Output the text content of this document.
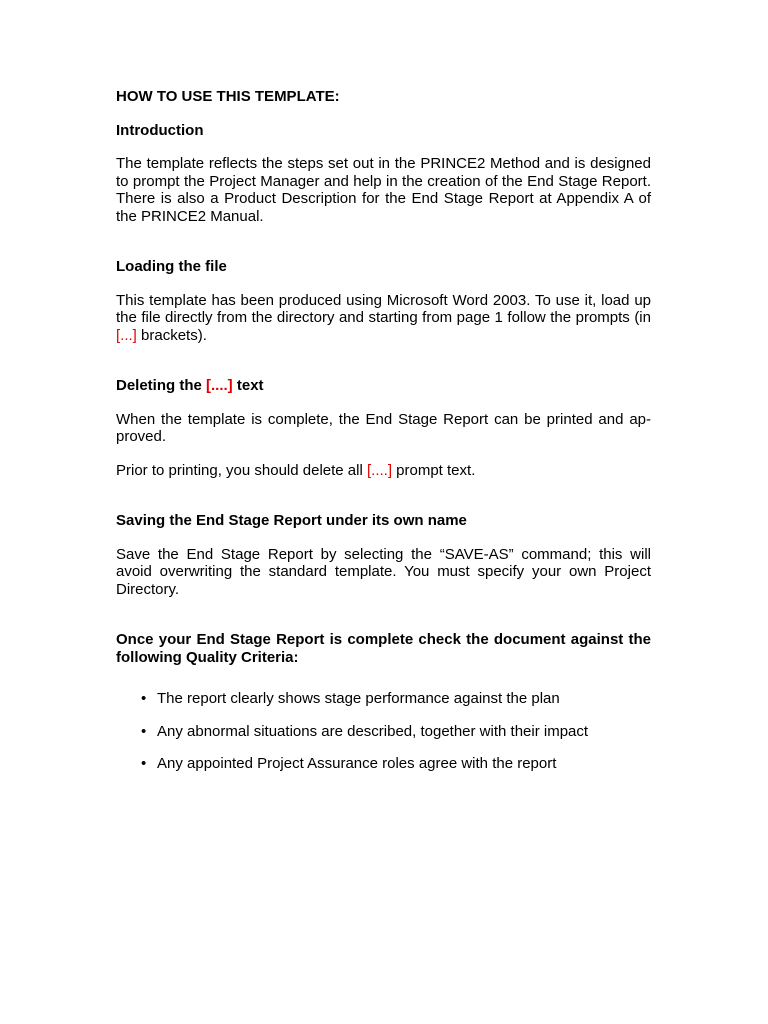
HOW TO USE THIS TEMPLATE:
Introduction

The template reflects the steps set out in the PRINCE2 Method and is designed to prompt the Project Manager and help in the creation of the End Stage Report. There is also a Product Description for the End Stage Report at Appendix A of the PRINCE2 Manual.

Loading the file

This template has been produced using Microsoft Word 2003. To use it, load up the file directly from the directory and starting from page 1 follow the prompts (in [...] brackets).

Deleting the [....] text

When the template is complete, the End Stage Report can be printed and ap-proved.

Prior to printing, you should delete all [....] prompt text.

Saving the End Stage Report under its own name

Save the End Stage Report by selecting the “SAVE-AS” command; this will avoid overwriting the standard template. You must specify your own Project Directory.

Once your End Stage Report is complete check the document against the following Quality Criteria:
• The report clearly shows stage performance against the plan
• Any abnormal situations are described, together with their impact
• Any appointed Project Assurance roles agree with the report
